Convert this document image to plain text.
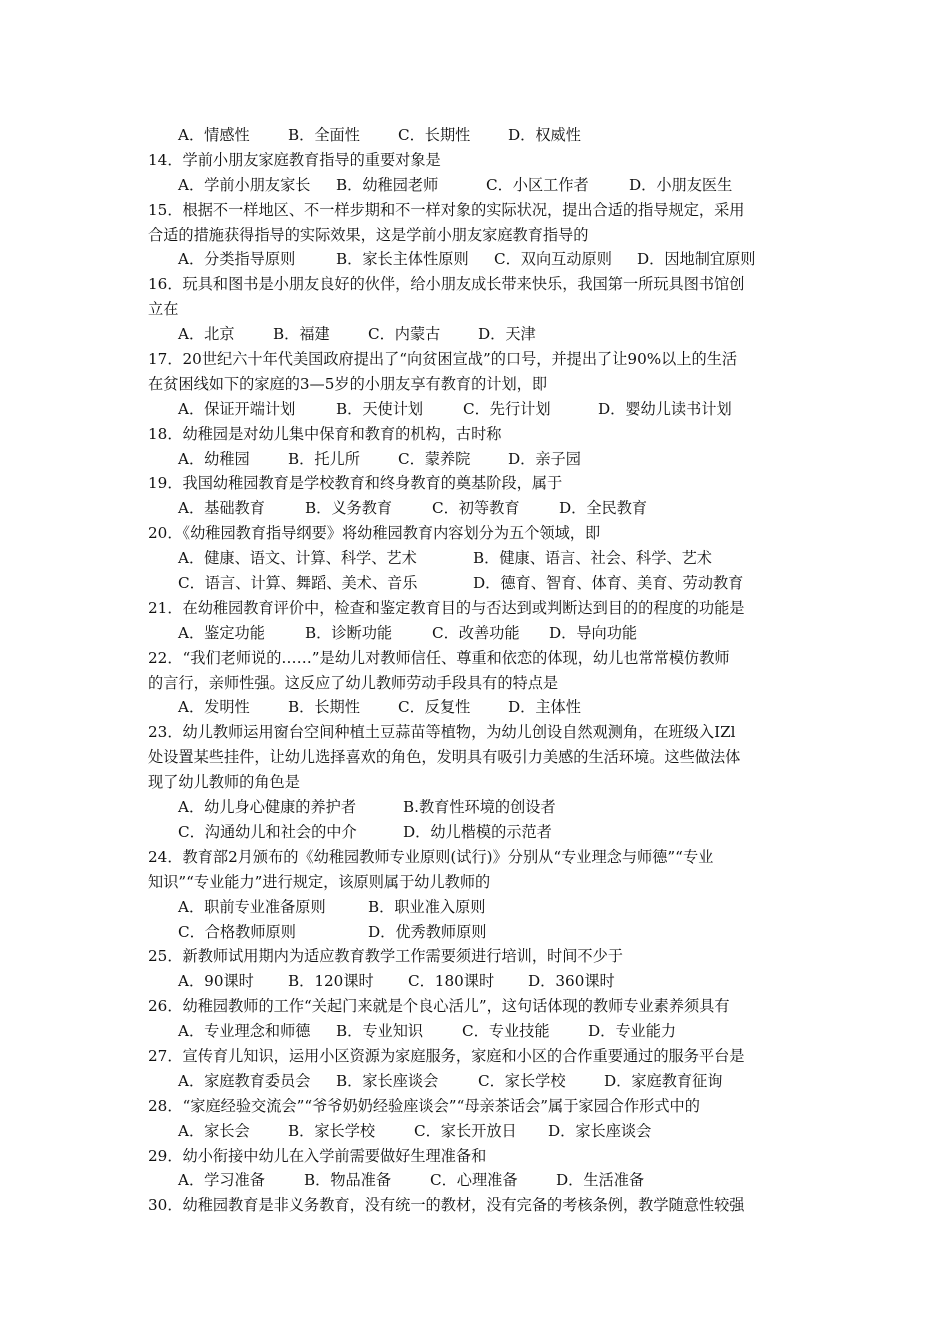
A．情感性	B．全面性	C．长期性 D．权威性
14．学前小朋友家庭教育指导的重要对象是
A．学前小朋友家长 B．幼稚园老师	C．小区工作者	D．小朋友医生
15．根据不一样地区、不一样步期和不一样对象的实际状况，提出合适的指导规定，采用
合适的措施获得指导的实际效果，这是学前小朋友家庭教育指导的
A．分类指导原则	B．家长主体性原则 C．双向互动原则 D．因地制宜原则
16．玩具和图书是小朋友良好的伙伴，给小朋友成长带来快乐，我国第一所玩具图书馆创
立在
A．北京	B．福建	C．内蒙古 D．天津
17．20世纪六十年代美国政府提出了“向贫困宣战”的口号，并提出了让90%以上的生活
在贫困线如下的家庭的3—5岁的小朋友享有教育的计划，即
A．保证开端计划	B．天使计划	C．先行计划	D．婴幼儿读书计划
18．幼稚园是对幼儿集中保育和教育的机构，古时称
A．幼稚园	B．托儿所	C．蒙养院 D．亲子园
19．我国幼稚园教育是学校教育和终身教育的奠基阶段，属于
A．基础教育	B．义务教育	C．初等教育	D．全民教育
20．《幼稚园教育指导纲要》将幼稚园教育内容划分为五个领域，即
A．健康、语文、计算、科学、艺术	B．健康、语言、社会、科学、艺术
C．语言、计算、舞蹈、美术、音乐	D．德育、智育、体育、美育、劳动教育
21．在幼稚园教育评价中，检查和鉴定教育目的与否达到或判断达到目的的程度的功能是
A．鉴定功能	B．诊断功能	C．改善功能 D．导向功能
22．“我们老师说的……”是幼儿对教师信任、尊重和依恋的体现，幼儿也常常模仿教师
的言行，亲师性强。这反应了幼儿教师劳动手段具有的特点是
A．发明性	B．长期性	C．反复性 D．主体性
23．幼儿教师运用窗台空间种植土豆蒜苗等植物，为幼儿创设自然观测角，在班级入IZl
处设置某些挂件，让幼儿选择喜欢的角色，发明具有吸引力美感的生活环境。这些做法体
现了幼儿教师的角色是
A．幼儿身心健康的养护者	B.教育性环境的创设者
C．沟通幼儿和社会的中介	D．幼儿楷模的示范者
24．教育部2月颁布的《幼稚园教师专业原则(试行)》分别从“专业理念与师德”“专业
知识”“专业能力”进行规定，该原则属于幼儿教师的
A．职前专业准备原则	B．职业准入原则
C．合格教师原则	D．优秀教师原则
25．新教师试用期内为适应教育教学工作需要须进行培训，时间不少于
A．90课时 B．120课时 C．180课时 D．360课时
26．幼稚园教师的工作“关起门来就是个良心活儿”，这句话体现的教师专业素养须具有
A．专业理念和师德 B．专业知识	C．专业技能	D．专业能力
27．宣传育儿知识，运用小区资源为家庭服务，家庭和小区的合作重要通过的服务平台是
A．家庭教育委员会 B．家长座谈会	C．家长学校	D．家庭教育征询
28．“家庭经验交流会”“爷爷奶奶经验座谈会”“母亲茶话会”属于家园合作形式中的
A．家长会	B．家长学校	C．家长开放日 D．家长座谈会
29．幼小衔接中幼儿在入学前需要做好生理准备和
A．学习准备	B．物品准备	C．心理准备	D．生活准备
30．幼稚园教育是非义务教育，没有统一的教材，没有完备的考核条例，教学随意性较强
